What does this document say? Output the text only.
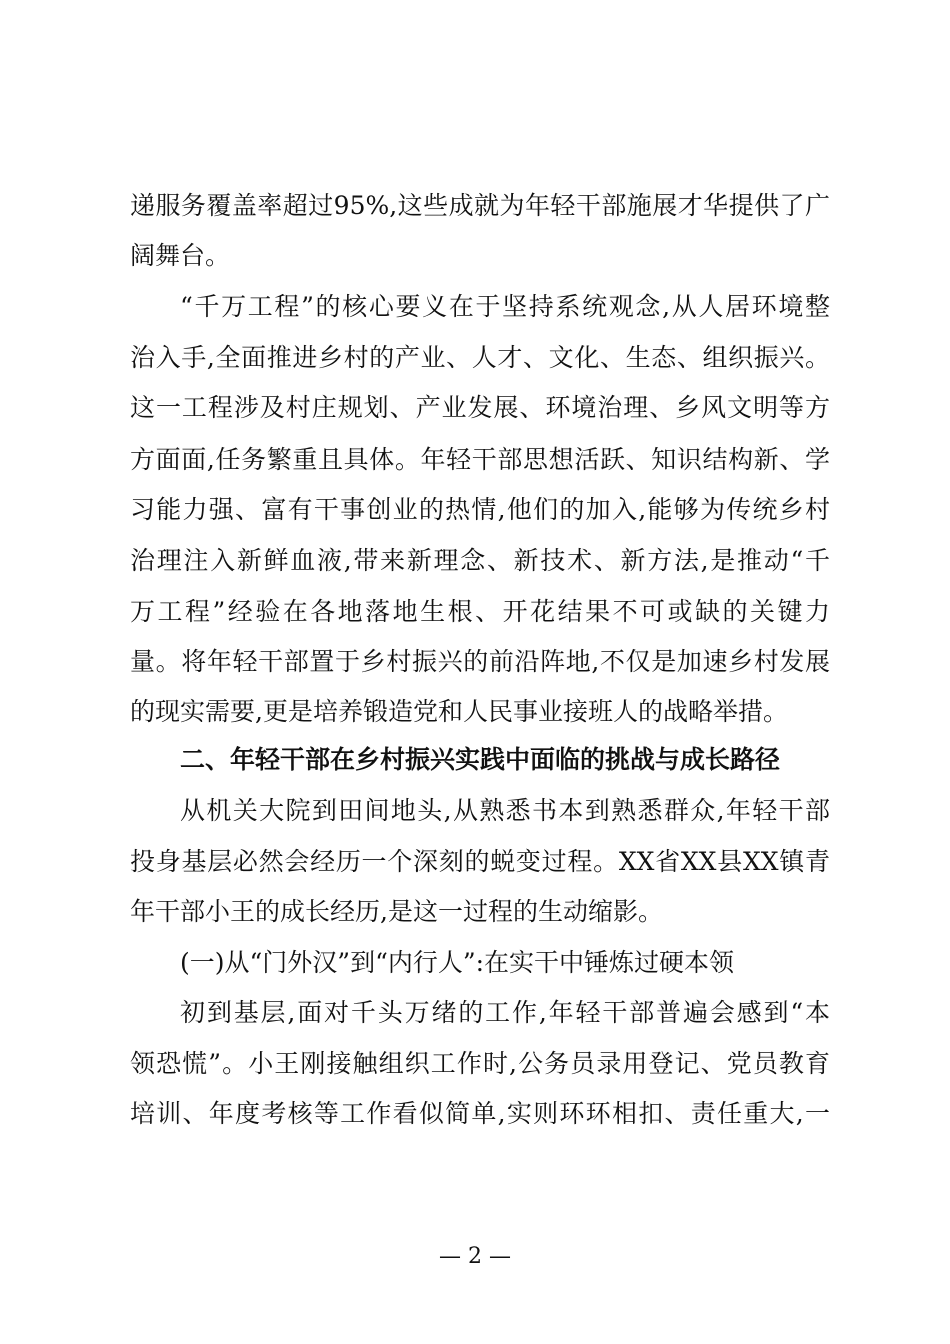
递服务覆盖率超过95%,这些成就为年轻干部施展才华提供了广
阔舞台。
“千万工程”的核心要义在于坚持系统观念,从人居环境整
治入手,全面推进乡村的产业、人才、文化、生态、组织振兴。
这一工程涉及村庄规划、产业发展、环境治理、乡风文明等方
方面面,任务繁重且具体。年轻干部思想活跃、知识结构新、学
习能力强、富有干事创业的热情,他们的加入,能够为传统乡村
治理注入新鲜血液,带来新理念、新技术、新方法,是推动“千
万工程”经验在各地落地生根、开花结果不可或缺的关键力
量。将年轻干部置于乡村振兴的前沿阵地,不仅是加速乡村发展
的现实需要,更是培养锻造党和人民事业接班人的战略举措。
二、年轻干部在乡村振兴实践中面临的挑战与成长路径
从机关大院到田间地头,从熟悉书本到熟悉群众,年轻干部
投身基层必然会经历一个深刻的蜕变过程。XX省XX县XX镇青
年干部小王的成长经历,是这一过程的生动缩影。
(一)从“门外汉”到“内行人”:在实干中锤炼过硬本领
初到基层,面对千头万绪的工作,年轻干部普遍会感到“本
领恐慌”。小王刚接触组织工作时,公务员录用登记、党员教育
培训、年度考核等工作看似简单,实则环环相扣、责任重大,一
— 2 —
